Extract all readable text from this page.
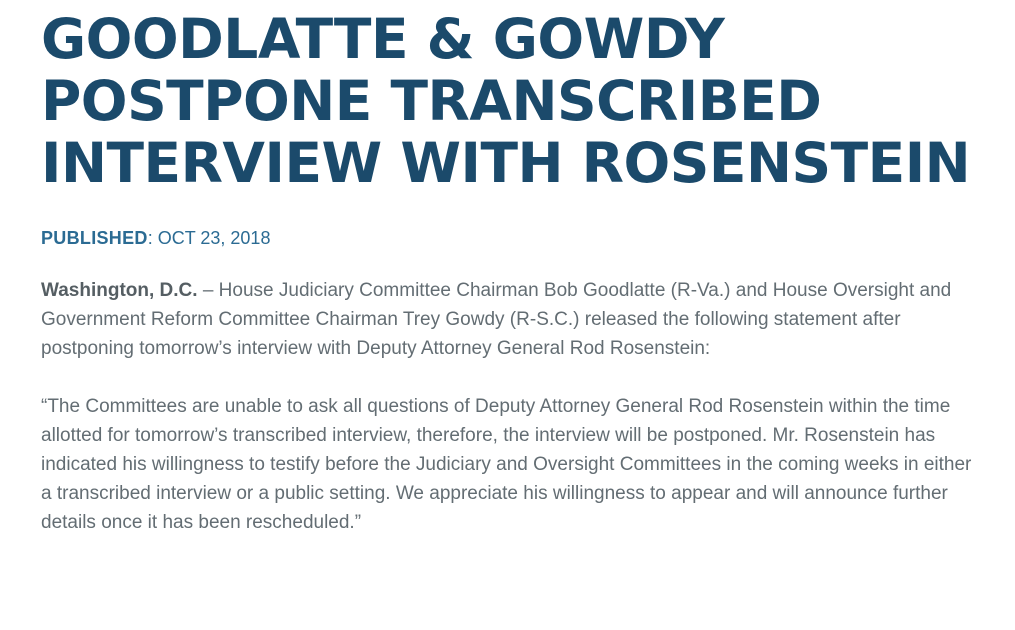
GOODLATTE & GOWDY
POSTPONE TRANSCRIBED
INTERVIEW WITH ROSENSTEIN
PUBLISHED: OCT 23, 2018

Washington, D.C. – House Judiciary Committee Chairman Bob Goodlatte (R-Va.) and House Oversight and Government Reform Committee Chairman Trey Gowdy (R-S.C.) released the following statement after postponing tomorrow’s interview with Deputy Attorney General Rod Rosenstein:

“The Committees are unable to ask all questions of Deputy Attorney General Rod Rosenstein within the time allotted for tomorrow’s transcribed interview, therefore, the interview will be postponed. Mr. Rosenstein has indicated his willingness to testify before the Judiciary and Oversight Committees in the coming weeks in either a transcribed interview or a public setting. We appreciate his willingness to appear and will announce further details once it has been rescheduled.”
